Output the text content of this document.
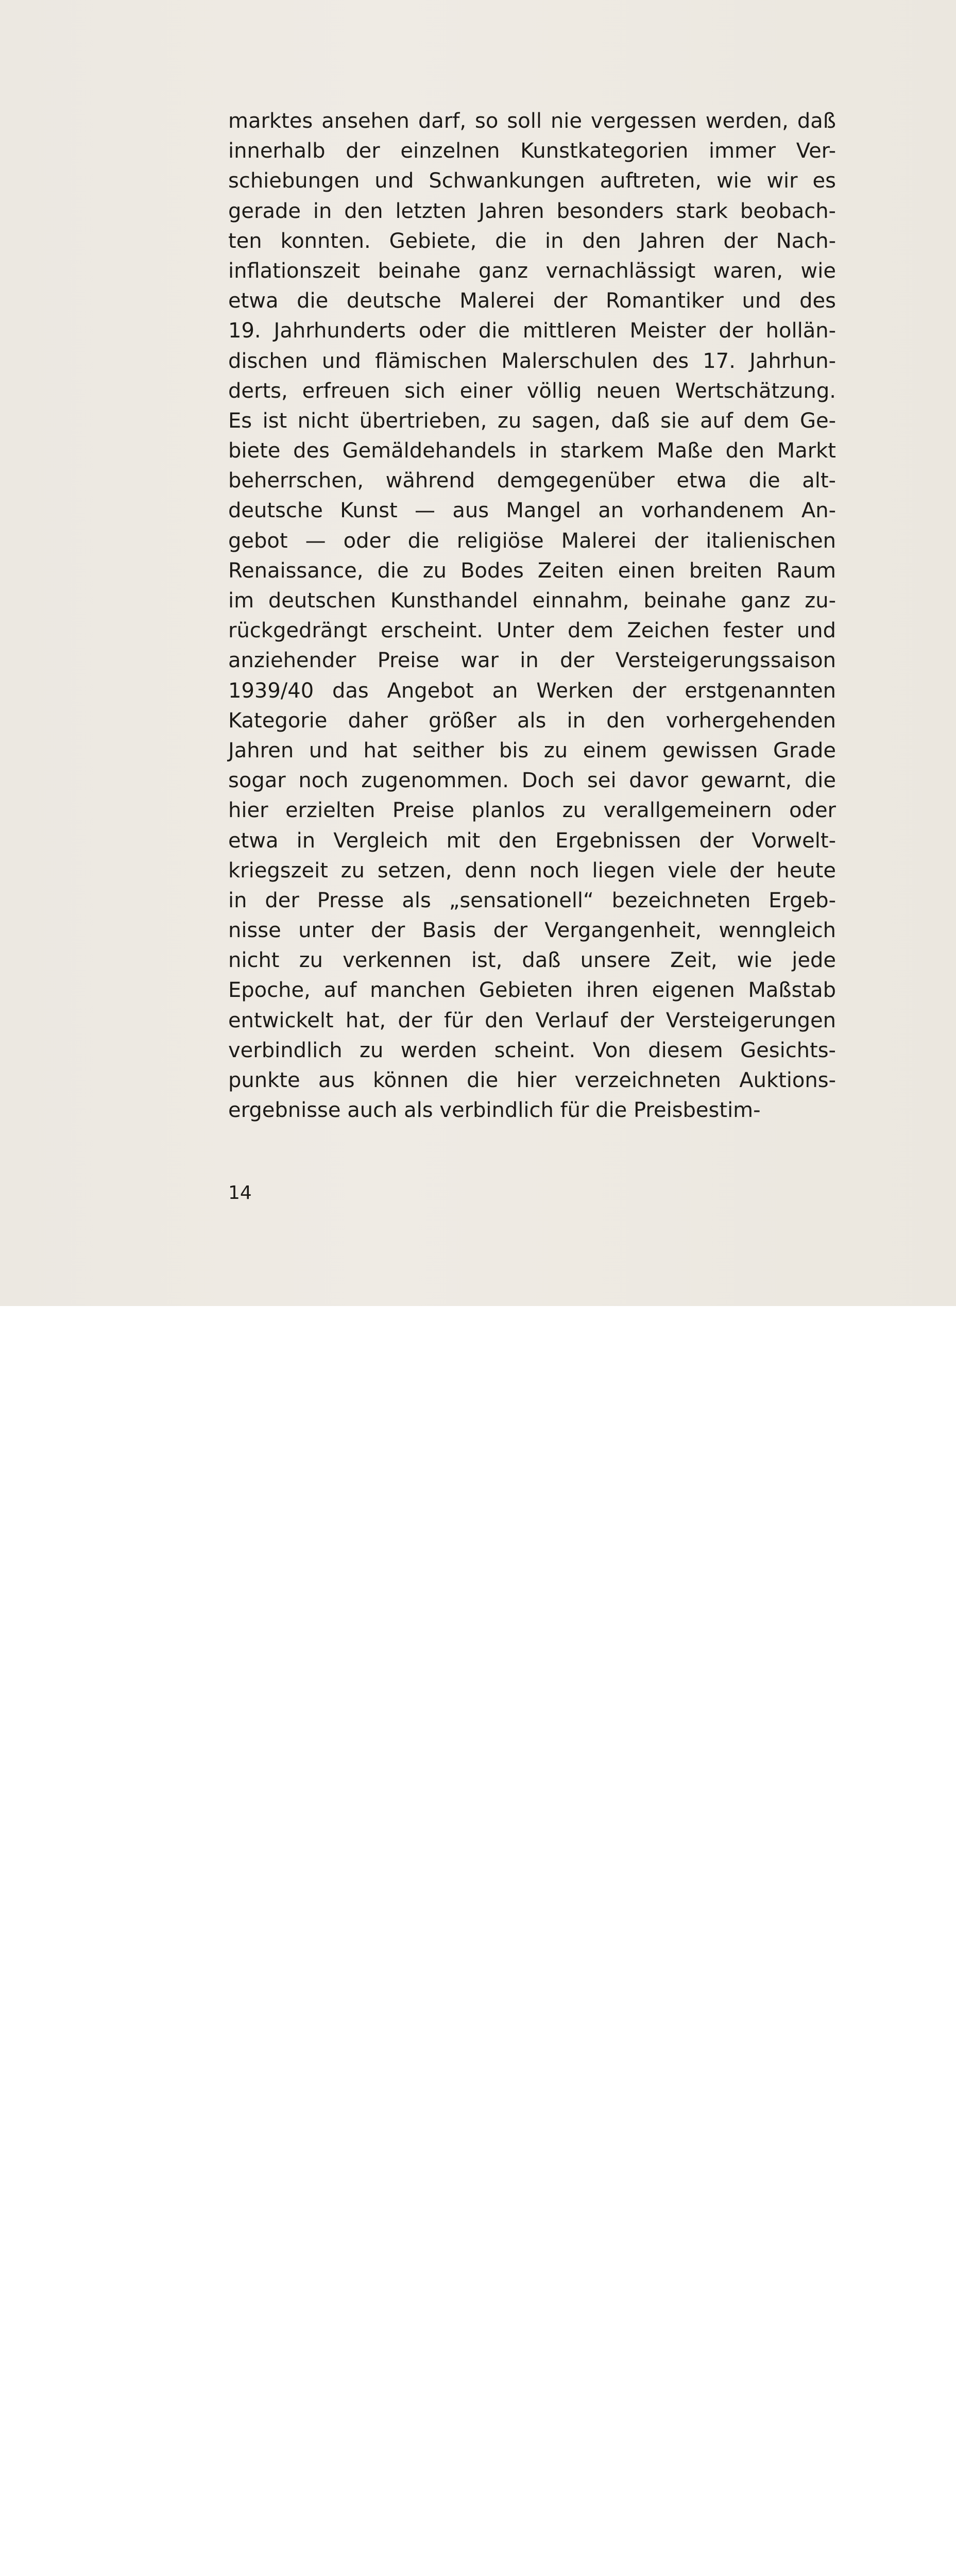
marktes ansehen darf, so soll nie vergessen werden, daß
innerhalb der einzelnen Kunstkategorien immer Ver-
schiebungen und Schwankungen auftreten, wie wir es
gerade in den letzten Jahren besonders stark beobach-
ten konnten. Gebiete, die in den Jahren der Nach-
inflationszeit beinahe ganz vernachlässigt waren, wie
etwa die deutsche Malerei der Romantiker und des
19. Jahrhunderts oder die mittleren Meister der hollän-
dischen und flämischen Malerschulen des 17. Jahrhun-
derts, erfreuen sich einer völlig neuen Wertschätzung.
Es ist nicht übertrieben, zu sagen, daß sie auf dem Ge-
biete des Gemäldehandels in starkem Maße den Markt
beherrschen, während demgegenüber etwa die alt-
deutsche Kunst — aus Mangel an vorhandenem An-
gebot — oder die religiöse Malerei der italienischen
Renaissance, die zu Bodes Zeiten einen breiten Raum
im deutschen Kunsthandel einnahm, beinahe ganz zu-
rückgedrängt erscheint. Unter dem Zeichen fester und
anziehender Preise war in der Versteigerungssaison
1939/40 das Angebot an Werken der erstgenannten
Kategorie daher größer als in den vorhergehenden
Jahren und hat seither bis zu einem gewissen Grade
sogar noch zugenommen. Doch sei davor gewarnt, die
hier erzielten Preise planlos zu verallgemeinern oder
etwa in Vergleich mit den Ergebnissen der Vorwelt-
kriegszeit zu setzen, denn noch liegen viele der heute
in der Presse als „sensationell“ bezeichneten Ergeb-
nisse unter der Basis der Vergangenheit, wenngleich
nicht zu verkennen ist, daß unsere Zeit, wie jede
Epoche, auf manchen Gebieten ihren eigenen Maßstab
entwickelt hat, der für den Verlauf der Versteigerungen
verbindlich zu werden scheint. Von diesem Gesichts-
punkte aus können die hier verzeichneten Auktions-
ergebnisse auch als verbindlich für die Preisbestim-
14
